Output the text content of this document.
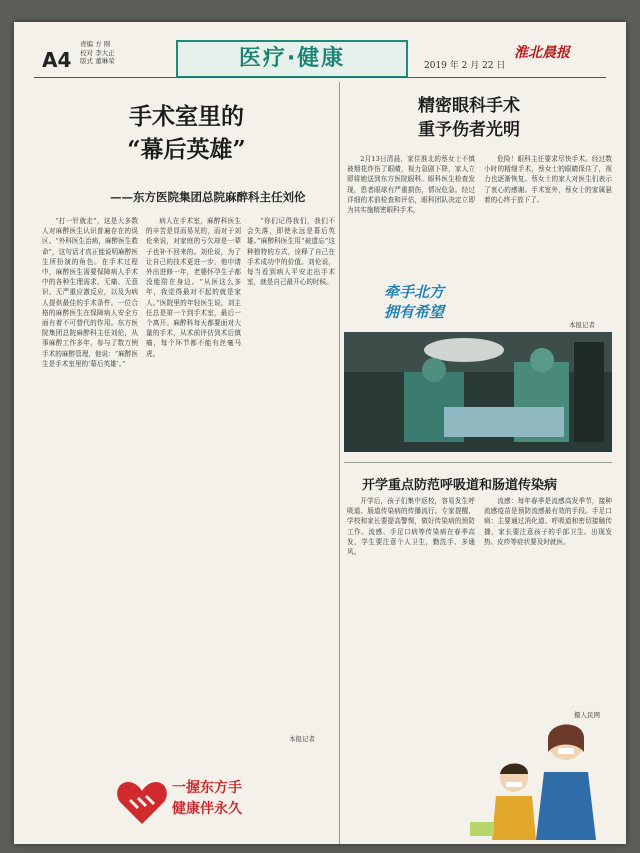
A4
责编 方 刚
校对 李大正
版式 董琳荣	医疗·健康	2019 年 2 月 22 日
淮北晨报
手术室里的
“幕后英雄”
——东方医院集团总院麻醉科主任刘伦

“打一针就走”，这是大多数人对麻醉医生认识普遍存在的误区。“外科医生治病，麻醉医生救命”，这句话才真正能说明麻醉医生所扮演的角色。在手术过程中，麻醉医生需要保障病人手术中的各种生理需求，无痛、无意识、无严重应激反应，以及为病人提供最佳的手术条件。一位合格的麻醉医生在保障病人安全方面有着不可替代的作用。东方医院集团总院麻醉科主任刘伦，从事麻醉工作多年，参与了数万例手术的麻醉管理，他说：“麻醉医生是手术室里的‘幕后英雄’。”

病人在手术室，麻醉科医生的辛苦是显而易见的，而对于刘伦来说，对家庭的亏欠却是一辈子也补不回来的。刘伦说，为了让自己的技术更进一步，他申请外出进修一年，老婆怀孕生子都没能陪在身边。“从医这么多年，我觉得最对不起的就是家人。”医院里的年轻医生说，刘主任总是第一个到手术室，最后一个离开。麻醉科每天都要面对大量的手术，从术前评估到术后镇痛，每个环节都不能有丝毫马虎。

“你们记得我们，我们不会失落，即使永远是幕后英雄。”麻醉科医生用“被遗忘”这种独特的方式，诠释了自己在手术成功中的价值。刘伦说，每当看到病人平安走出手术室，就是自己最开心的时候。

本报记者
一握东方手
健康伴永久
精密眼科手术
重予伤者光明

2月13日清晨，家住淮北的蔡女士不慎被烟花炸伤了眼睛，视力急剧下降，家人立即将她送到东方医院眼科。眼科医生检查发现，患者眼球有严重损伤，情况危急。经过详细的术前检查和评估，眼科团队决定立即为其实施精密眼科手术。

牵手北方
拥有希望

危险！眼科主任要求尽快手术。经过数小时的精细手术，蔡女士的眼睛保住了，视力也逐渐恢复。蔡女士的家人对医生们表示了衷心的感谢。手术室外，蔡女士的家属悬着的心终于放下了。

本报记者
开学重点防范呼吸道和肠道传染病

开学后，孩子们集中返校，容易发生呼吸道、肠道传染病的传播流行。专家提醒，学校和家长要提高警惕，做好传染病的预防工作。流感、手足口病等传染病在春季高发，学生要注意个人卫生，勤洗手、多通风。

流感：每年春季是流感高发季节，接种流感疫苗是预防流感最有效的手段。手足口病：主要通过消化道、呼吸道和密切接触传播，家长要注意孩子的手部卫生。出现发热、皮疹等症状要及时就医。

摄人民网
